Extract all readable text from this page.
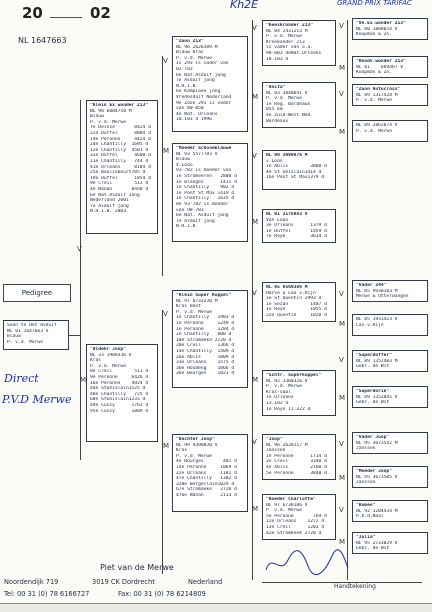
20	02
NL 1647663
Kh2E	GRAND PRIX TARIFAC
Pedigree
Soon te Het Asduif
NL 01 1647663 V
Blauw
P. v.d. Merwe
Direct
P.V.D Merwe
V
M
V
M
V
M
V
M
V
M
V
M
V
M
V
M
V
M
V
M
V
M
V
M
V
M
"Klein Ex wonder 213"
NL 98 6084750 M
Blauw
P. v.d. Merwe
7e Deinze       8424 d
22e Duffel      8884 d
14e Peronne     4424 d
24e Chantilly  1695 d
12e Chantilly  4501 d
32e Duffel      4608 d
11e Chantilly   744 d
41e Orleans     8184 d
25e Bouliebourt705 d
19e Duffel      1854 d
9e Creil        511 d
4e Nanan       8450 d
6e Nat.Asduif Jong
Nederland 2001
7e Asduif jong
N.H.I.B. 2003
"Oldehr Joop"
NL 33 1989336 V
Kras
P. v.d. Merwe
8e Creil        511 d
9e Peronne     6426 d
16e Peronne    4924 d
44e StGhislain1525 d
48e Chantilly   725 d
60e StGhislain1233 d
44e Cussy      1763 d
95e Cussy      1809 d
"Zoon 213"
NL 96 2628389 M
Blauw Kras
P. v.d. Merwe
Is 293 is vader van
02-783
6e Nat.Asduif jong
7e Asduif jong
N.H.I.B.
6e Kampioen jong
Vredesduif Nederland
9e Zoon 293 is vader
van 80-050
4e Nat. Orleans
10.183 d 1996
"Moeder Schoneblauwe
NL 93 5577783 V
Blauw
V.Loon
93-782 is moeder van
1e Stromeeren   2800 d
1e Blanges      1411 d
1e Chantilly    902 d
1e Pont St Max 1419 d
1e Chantilly   1635 d
8e 93-782 is moeder
van 98-783
6e Nat. Asduif jong
7e Asduif jong
N.H.I.B
"Klein Super Koppel"
NL 97 8733230 M
Kras Bont
P. v.d. Merwe
1e Chantilly   1903 d
1e Peronne     1249 d
1e Peronne     1284 d
2e Chantilly   800 d
10e Stromaeke 2720 d
20e Creil      1366 d
14e Chantilly  1409 d
26e Ablis      1809 d
33e Orleans    1575 d
36e Houdeng    1066 d
36e Bourges    1023 d
"Dochter Joop"
NL 99 4390830 V
Kras
P. v.d. Merwe
4e Bourges       481 d
14e Peronne     1069 d
22e Orleans     1181 d
47e Chantilly   1382 d
320e Bergerlaie1029 d
67e Stromaeke   2720 d
476e Nanan      2113 d
"Keeskronder 213"
NL 84 2431213 M
P. v.d. Merwe
Kreekonder 213
is vader van o.a.
90-003 4eNat.Orleans
10.183 d
"Anita"
NL 83 3840641 V
P. v.d. Merwe
Ie Reg. Bordeaux
855 km
4e Zuid-West Ned.
Bordeaux
NL 90 3099876 M
v.Loon
1e Ablis        3888 d
4e St Ghislain1414 d
16e Pont St Max1379 d
NL 91 2176883 V
Van Loon
3e Orleans      1379 d
1e Duffel       1059 d
7e Roye         3634 d
NL 95 8569386 M
Harve a Leo v.Rijn
1e St Quentin 2993 d
1e Sezan        1487 d
1e Roye         1055 d
22e Quentin     1828 d
"Schtr. Superkoppel"
NL 92 3360326 V
P. v.d. Merwe
Kras-vaal
1e Orleans
13.182 d
1e Roye 11.322 d
"Joop"
NL 96 2628117 M
Janssen
1e Peronne      1714 d
2e Creil        3340 d
4e Ablis        2160 d
5e Peronne      3840 d
"Roeder Charlotte"
NL 97 6738186 V
P. v.d. Merwe
5e Peronne       769 d
12e Orleans    1272 d
13e Creil      1203 d
42e Stromkeek 2720 d
"Ve.Ex.wonder 213"
NL 80 1808654 V
Koopman & Zn.
"Roodv.wonder 213"
NL 81    66946? V
Koopman & Zn.
"Zoon Autocross"
NL 89 1317428 M
P. v.d. Merwe
NL 89 2862874 V
P. v.d. Merwe
"Vader 244"
NL 85 9930103 M
Merwe & Otterwangen
NL 85 1931423 V
Lav.v.Rijn
"Superdoffer"
NL 89 1352403 M
Gebr. de Wit
"Superdorin"
NL 89 1352045 V
Gebr. de Wit
"Vader Joop"
NL 95 3673542 M
Janssen
"Moeder Joop"
NL 95 3673505 V
Janssen
"Romeo"
NL 92 1204434 M
P.V.d.Naal
"Julia"
NL 95 2733029 V
Gebr. de Wit
Piet van de Merwe
Noordendijk 719	3019 CK Dordrecht	Nederland
Tel: 00 31 (0) 78 6166727	Fax: 00 31 (0) 78 6214809
Handtekening
